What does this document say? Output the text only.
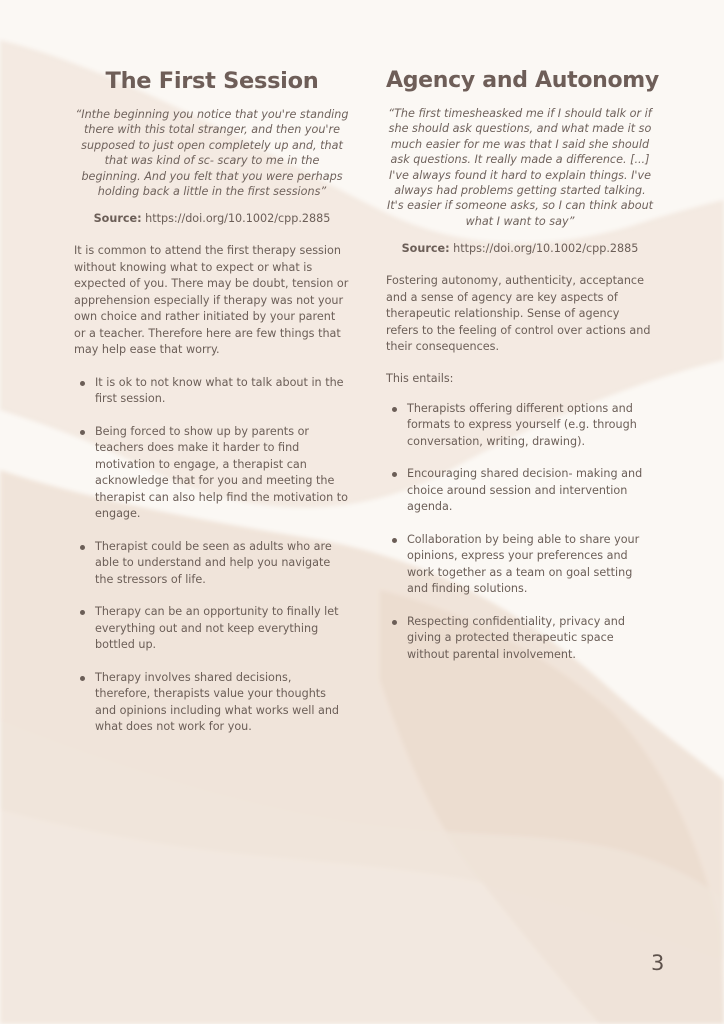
The First Session

“Inthe beginning you notice that you're standing there with this total stranger, and then you're supposed to just open completely up and, that that was kind of sc- scary to me in the beginning. And you felt that you were perhaps holding back a little in the first sessions”

Source: https://doi.org/10.1002/cpp.2885

It is common to attend the first therapy session without knowing what to expect or what is expected of you. There may be doubt, tension or apprehension especially if therapy was not your own choice and rather initiated by your parent or a teacher. Therefore here are few things that may help ease that worry.

It is ok to not know what to talk about in the first session.
Being forced to show up by parents or teachers does make it harder to find motivation to engage, a therapist can acknowledge that for you and meeting the therapist can also help find the motivation to engage.
Therapist could be seen as adults who are able to understand and help you navigate the stressors of life.
Therapy can be an opportunity to finally let everything out and not keep everything bottled up.
Therapy involves shared decisions, therefore, therapists value your thoughts and opinions including what works well and what does not work for you.
Agency and Autonomy

“The first timesheasked me if I should talk or if she should ask questions, and what made it so much easier for me was that I said she should ask questions. It really made a difference. [...] I've always found it hard to explain things. I've always had problems getting started talking. It's easier if someone asks, so I can think about what I want to say”

Source: https://doi.org/10.1002/cpp.2885

Fostering autonomy, authenticity, acceptance and a sense of agency are key aspects of therapeutic relationship. Sense of agency refers to the feeling of control over actions and their consequences.

This entails:

Therapists offering different options and formats to express yourself (e.g. through conversation, writing, drawing).
Encouraging shared decision- making and choice around session and intervention agenda.
Collaboration by being able to share your opinions, express your preferences and work together as a team on goal setting and finding solutions.
Respecting confidentiality, privacy and giving a protected therapeutic space without parental involvement.
3
